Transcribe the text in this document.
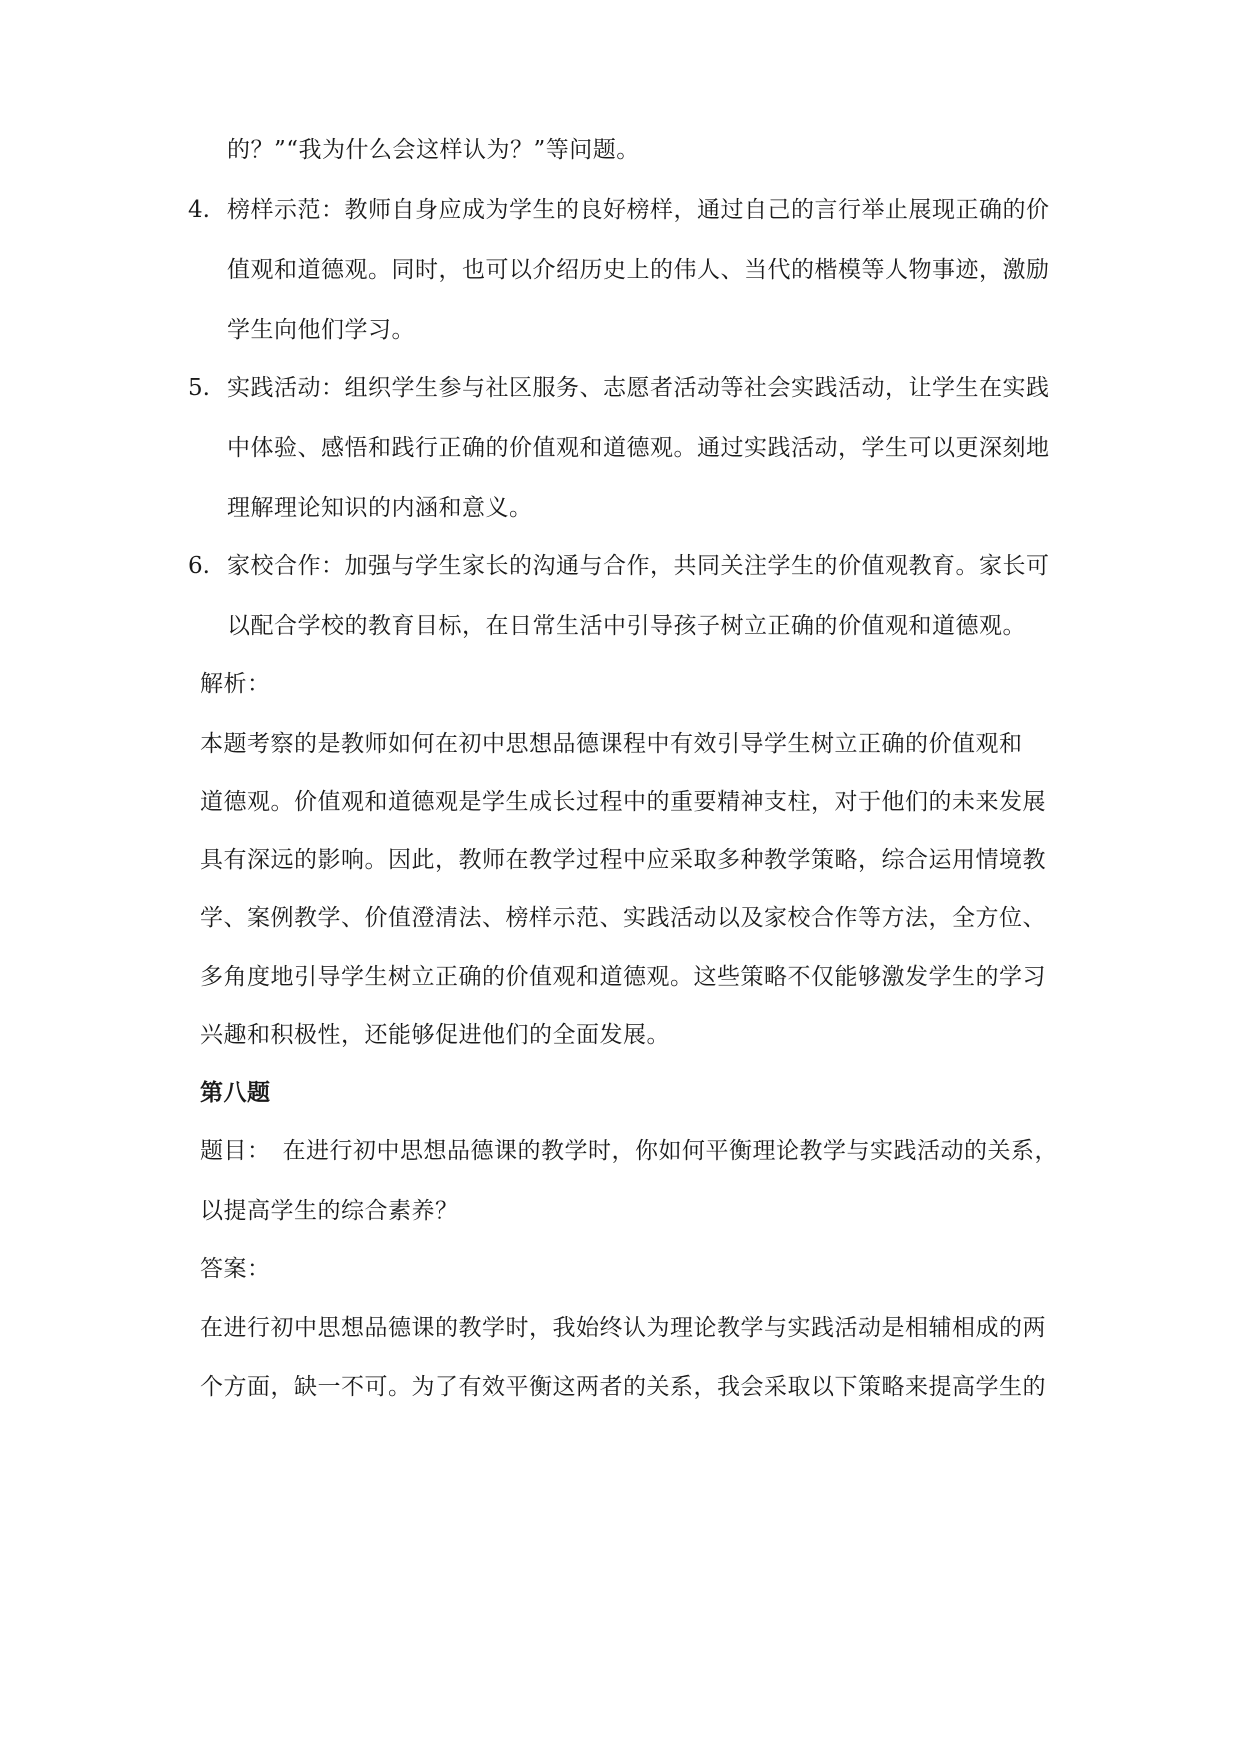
的？”“我为什么会这样认为？”等问题。
4. 榜样示范：教师自身应成为学生的良好榜样，通过自己的言行举止展现正确的价
值观和道德观。同时，也可以介绍历史上的伟人、当代的楷模等人物事迹，激励
学生向他们学习。
5. 实践活动：组织学生参与社区服务、志愿者活动等社会实践活动，让学生在实践
中体验、感悟和践行正确的价值观和道德观。通过实践活动，学生可以更深刻地
理解理论知识的内涵和意义。
6. 家校合作：加强与学生家长的沟通与合作，共同关注学生的价值观教育。家长可
以配合学校的教育目标，在日常生活中引导孩子树立正确的价值观和道德观。
解析：
本题考察的是教师如何在初中思想品德课程中有效引导学生树立正确的价值观和
道德观。价值观和道德观是学生成长过程中的重要精神支柱，对于他们的未来发展
具有深远的影响。因此，教师在教学过程中应采取多种教学策略，综合运用情境教
学、案例教学、价值澄清法、榜样示范、实践活动以及家校合作等方法，全方位、
多角度地引导学生树立正确的价值观和道德观。这些策略不仅能够激发学生的学习
兴趣和积极性，还能够促进他们的全面发展。
第八题
题目：　在进行初中思想品德课的教学时，你如何平衡理论教学与实践活动的关系，
以提高学生的综合素养？
答案：
在进行初中思想品德课的教学时，我始终认为理论教学与实践活动是相辅相成的两
个方面，缺一不可。为了有效平衡这两者的关系，我会采取以下策略来提高学生的
